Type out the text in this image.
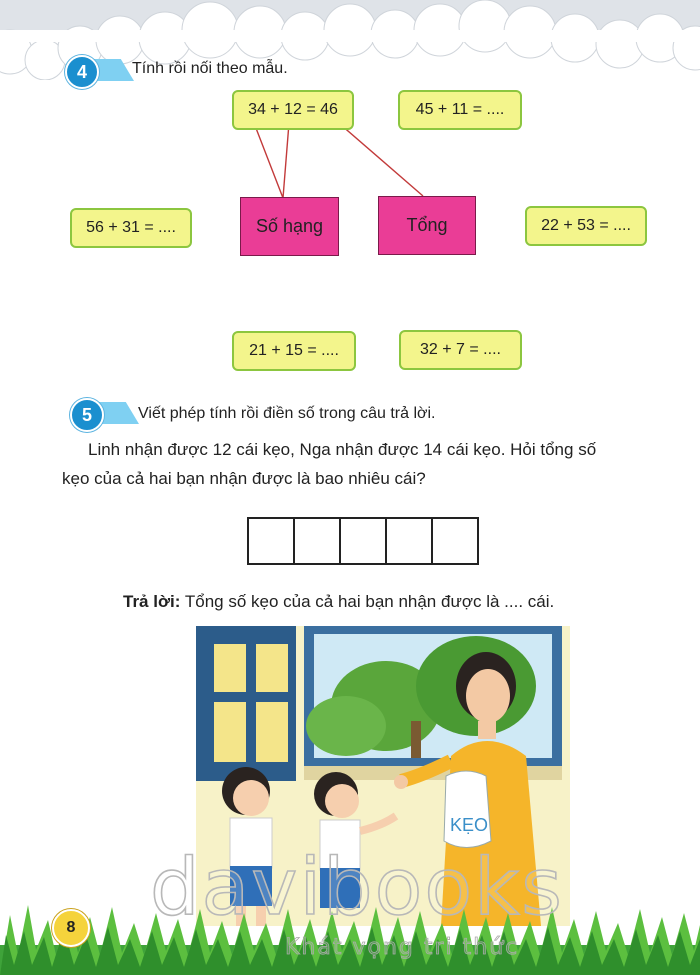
4	Tính rồi nối theo mẫu.
34 + 12 = 46	45 + 11 = ....
56 + 31 = ....	22 + 53 = ....
21 + 15 = ....	32 + 7 = ....
Số hạng	Tổng
5	Viết phép tính rồi điền số trong câu trả lời.
Linh nhận được 12 cái kẹo, Nga nhận được 14 cái kẹo. Hỏi tổng số
kẹo của cả hai bạn nhận được là bao nhiêu cái?
Trả lời: Tổng số kẹo của cả hai bạn nhận được là .... cái.
KẸO
8 davibooks
Khát vọng tri thức
